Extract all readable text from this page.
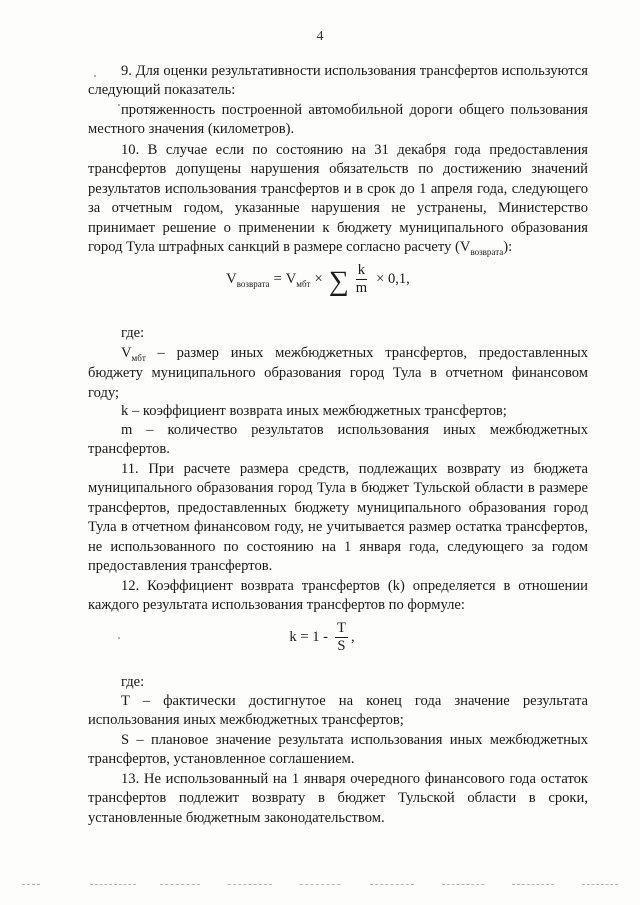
4

9. Для оценки результативности использования трансфертов используются следующий показатель:

протяженность построенной автомобильной дороги общего пользования местного значения (километров).

10. В случае если по состоянию на 31 декабря года предоставления трансфертов допущены нарушения обязательств по достижению значений результатов использования трансфертов и в срок до 1 апреля года, следующего за отчетным годом, указанные нарушения не устранены, Министерство принимает решение о применении к бюджету муниципального образования город Тула штрафных санкций в размере согласно расчету $(V_{возврата})$:

V возврата = V мбт × ∑ $\frac{k}{m} \times 0,1$,

где:

$V_{мбт}$ – размер иных межбюджетных трансфертов, предоставленных бюджету муниципального образования город Тула в отчетном финансовом году;

k – коэффициент возврата иных межбюджетных трансфертов;

m – количество результатов использования иных межбюджетных трансфертов.

11. При расчете размера средств, подлежащих возврату из бюджета муниципального образования город Тула в бюджет Тульской области в размере трансфертов, предоставленных бюджету муниципального образования город Тула в отчетном финансовом году, не учитывается размер остатка трансфертов, не использованного по состоянию на 1 января года, следующего за годом предоставления трансфертов.

12. Коэффициент возврата трансфертов (k) определяется в отношении каждого результата использования трансфертов по формуле:

$k = 1 - \frac{T}{S}$ ,

где:

T – фактически достигнутое на конец года значение результата использования иных межбюджетных трансфертов;

S – плановое значение результата использования иных межбюджетных трансфертов, установленное соглашением.

13. Не использованный на 1 января очередного финансового года остаток трансфертов подлежит возврату в бюджет Тульской области в сроки, установленные бюджетным законодательством.
